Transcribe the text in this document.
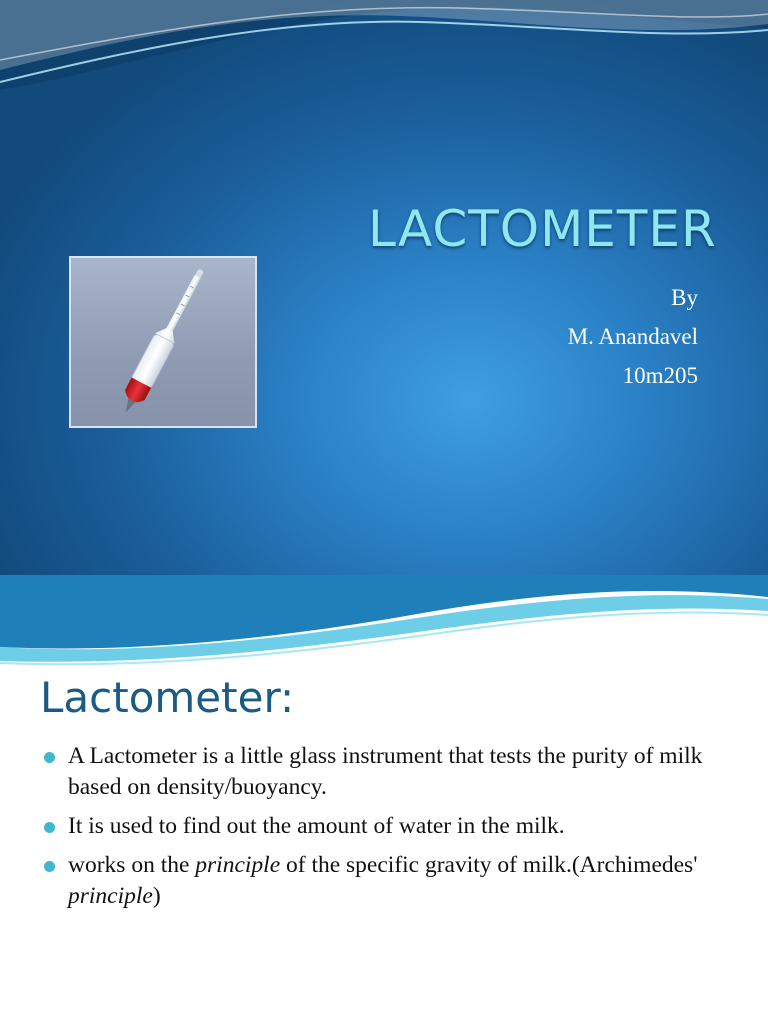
LACTOMETER
By
M. Anandavel
10m205
Lactometer:
A Lactometer is a little glass instrument that tests the purity of milk based on density/buoyancy.
It is used to find out the amount of water in the milk.
works on the principle of the specific gravity of milk.(Archimedes' principle)
